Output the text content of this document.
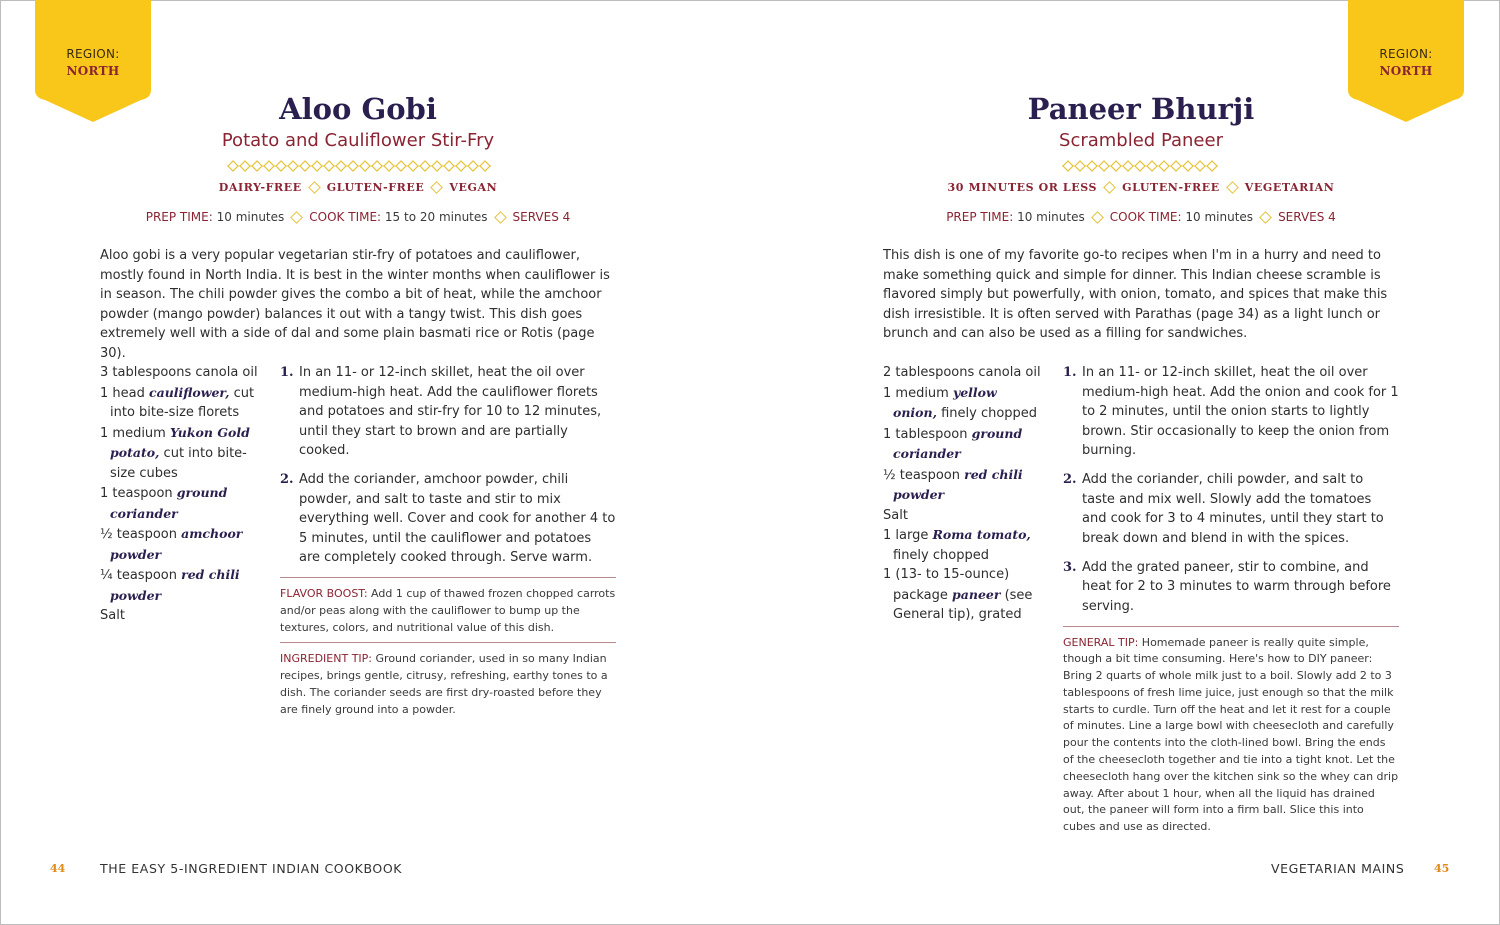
REGION:
NORTH
Aloo Gobi
Potato and Cauliflower Stir-Fry
DAIRY-FREE GLUTEN-FREE VEGAN
PREP TIME: 10 minutes COOK TIME: 15 to 20 minutes SERVES 4
Aloo gobi is a very popular vegetarian stir-fry of potatoes and cauliflower, mostly found in North India. It is best in the winter months when cauliflower is in season. The chili powder gives the combo a bit of heat, while the amchoor powder (mango powder) balances it out with a tangy twist. This dish goes extremely well with a side of dal and some plain basmati rice or Rotis (page 30).
3 tablespoons canola oil
1 head cauliflower, cut into bite-size florets
1 medium Yukon Gold potato, cut into bite-size cubes
1 teaspoon ground coriander
½ teaspoon amchoor powder
¼ teaspoon red chili powder
Salt
1. In an 11- or 12-inch skillet, heat the oil over medium-high heat. Add the cauliflower florets and potatoes and stir-fry for 10 to 12 minutes, until they start to brown and are partially cooked.
2. Add the coriander, amchoor powder, chili powder, and salt to taste and stir to mix everything well. Cover and cook for another 4 to 5 minutes, until the cauliflower and potatoes are completely cooked through. Serve warm.
FLAVOR BOOST: Add 1 cup of thawed frozen chopped carrots and/or peas along with the cauliflower to bump up the textures, colors, and nutritional value of this dish.
INGREDIENT TIP: Ground coriander, used in so many Indian recipes, brings gentle, citrusy, refreshing, earthy tones to a dish. The coriander seeds are first dry-roasted before they are finely ground into a powder.
44	THE EASY 5-INGREDIENT INDIAN COOKBOOK
REGION:
NORTH
Paneer Bhurji
Scrambled Paneer
30 MINUTES OR LESS GLUTEN-FREE VEGETARIAN
PREP TIME: 10 minutes COOK TIME: 10 minutes SERVES 4
This dish is one of my favorite go-to recipes when I'm in a hurry and need to make something quick and simple for dinner. This Indian cheese scramble is flavored simply but powerfully, with onion, tomato, and spices that make this dish irresistible. It is often served with Parathas (page 34) as a light lunch or brunch and can also be used as a filling for sandwiches.
2 tablespoons canola oil
1 medium yellow onion, finely chopped
1 tablespoon ground coriander
½ teaspoon red chili powder
Salt
1 large Roma tomato, finely chopped
1 (13- to 15-ounce) package paneer (see General tip), grated
1. In an 11- or 12-inch skillet, heat the oil over medium-high heat. Add the onion and cook for 1 to 2 minutes, until the onion starts to lightly brown. Stir occasionally to keep the onion from burning.
2. Add the coriander, chili powder, and salt to taste and mix well. Slowly add the tomatoes and cook for 3 to 4 minutes, until they start to break down and blend in with the spices.
3. Add the grated paneer, stir to combine, and heat for 2 to 3 minutes to warm through before serving.
GENERAL TIP: Homemade paneer is really quite simple, though a bit time consuming. Here's how to DIY paneer: Bring 2 quarts of whole milk just to a boil. Slowly add 2 to 3 tablespoons of fresh lime juice, just enough so that the milk starts to curdle. Turn off the heat and let it rest for a couple of minutes. Line a large bowl with cheesecloth and carefully pour the contents into the cloth-lined bowl. Bring the ends of the cheesecloth together and tie into a tight knot. Let the cheesecloth hang over the kitchen sink so the whey can drip away. After about 1 hour, when all the liquid has drained out, the paneer will form into a firm ball. Slice this into cubes and use as directed.
VEGETARIAN MAINS	45
